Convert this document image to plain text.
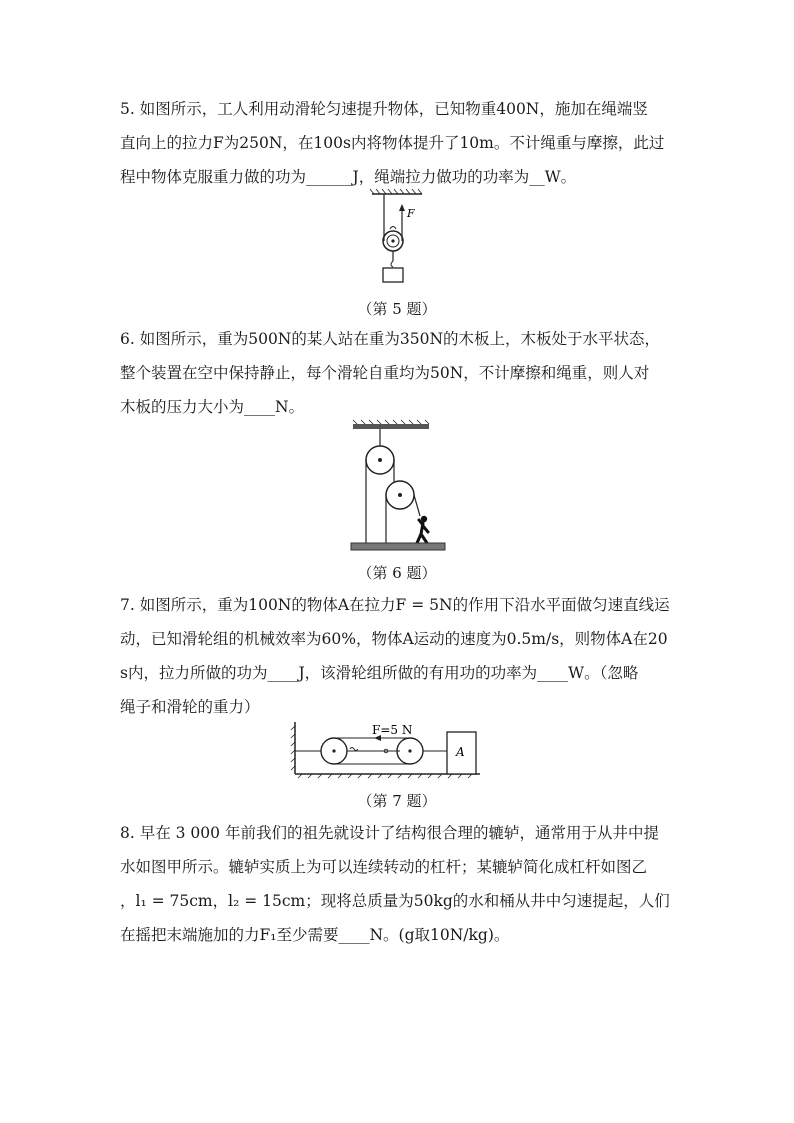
5. 如图所示，工人利用动滑轮匀速提升物体，已知物重400N，施加在绳端竖

直向上的拉力F为250N，在100s内将物体提升了10m。不计绳重与摩擦，此过

程中物体克服重力做的功为______J，绳端拉力做功的功率为__W。

F
（第 5 题）

6. 如图所示，重为500N的某人站在重为350N的木板上，木板处于水平状态，

整个装置在空中保持静止，每个滑轮自重均为50N，不计摩擦和绳重，则人对

木板的压力大小为____N。

（第 6 题）

7. 如图所示，重为100N的物体A在拉力F = 5N的作用下沿水平面做匀速直线运

动，已知滑轮组的机械效率为60%，物体A运动的速度为0.5m/s，则物体A在20

s内，拉力所做的功为____J，该滑轮组所做的有用功的功率为____W。（忽略

绳子和滑轮的重力）

F=5 N
A
（第 7 题）

8. 早在 3 000 年前我们的祖先就设计了结构很合理的辘轳，通常用于从井中提

水如图甲所示。辘轳实质上为可以连续转动的杠杆；某辘轳简化成杠杆如图乙

，l₁ = 75cm，l₂ = 15cm；现将总质量为50kg的水和桶从井中匀速提起，人们

在摇把末端施加的力F₁至少需要____N。(g取10N/kg)。
